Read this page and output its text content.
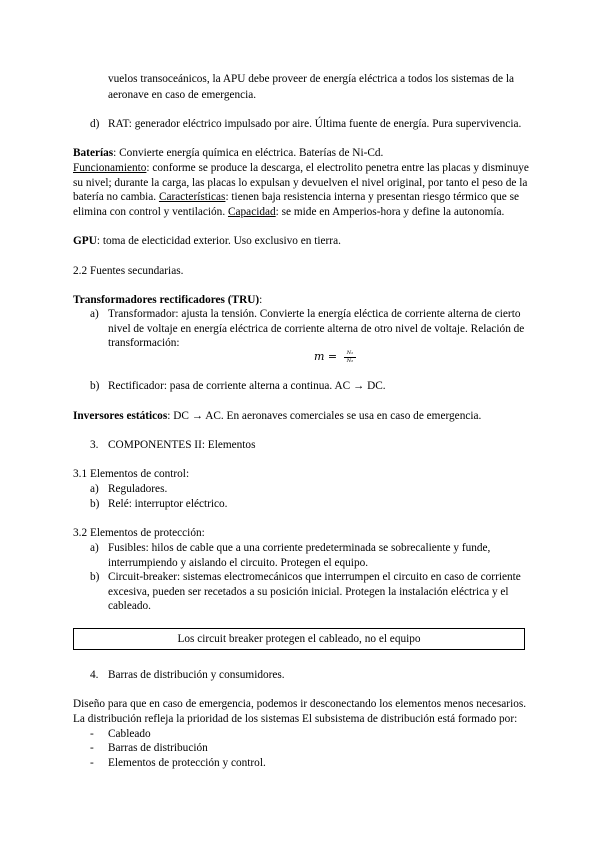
vuelos transoceánicos, la APU debe proveer de energía eléctrica a todos los sistemas de la
aeronave en caso de emergencia.
d) RAT: generador eléctrico impulsado por aire. Última fuente de energía. Pura supervivencia.
Baterías: Convierte energía química en eléctrica. Baterías de Ni-Cd.
Funcionamiento: conforme se produce la descarga, el electrolito penetra entre las placas y disminuye
su nivel; durante la carga, las placas lo expulsan y devuelven el nivel original, por tanto el peso de la
batería no cambia. Características: tienen baja resistencia interna y presentan riesgo térmico que se
elimina con control y ventilación. Capacidad: se mide en Amperios-hora y define la autonomía.
GPU: toma de electicidad exterior. Uso exclusivo en tierra.
2.2 Fuentes secundarias.
Transformadores rectificadores (TRU):
a) Transformador: ajusta la tensión. Convierte la energía eléctica de corriente alterna de cierto
nivel de voltaje en energía eléctrica de corriente alterna de otro nivel de voltaje. Relación de
transformación:
m =	N₁
N₂
b) Rectificador: pasa de corriente alterna a continua. AC → DC.
Inversores estáticos: DC → AC. En aeronaves comerciales se usa en caso de emergencia.
3. COMPONENTES II: Elementos
3.1 Elementos de control:
a) Reguladores.
b) Relé: interruptor eléctrico.
3.2 Elementos de protección:
a) Fusibles: hilos de cable que a una corriente predeterminada se sobrecaliente y funde,
interrumpiendo y aislando el circuito. Protegen el equipo.
b) Circuit-breaker: sistemas electromecánicos que interrumpen el circuito en caso de corriente
excesiva, pueden ser recetados a su posición inicial. Protegen la instalación eléctrica y el
cableado.
Los circuit breaker protegen el cableado, no el equipo
4. Barras de distribución y consumidores.
Diseño para que en caso de emergencia, podemos ir desconectando los elementos menos necesarios.
La distribución refleja la prioridad de los sistemas El subsistema de distribución está formado por:
- Cableado
- Barras de distribución
- Elementos de protección y control.
